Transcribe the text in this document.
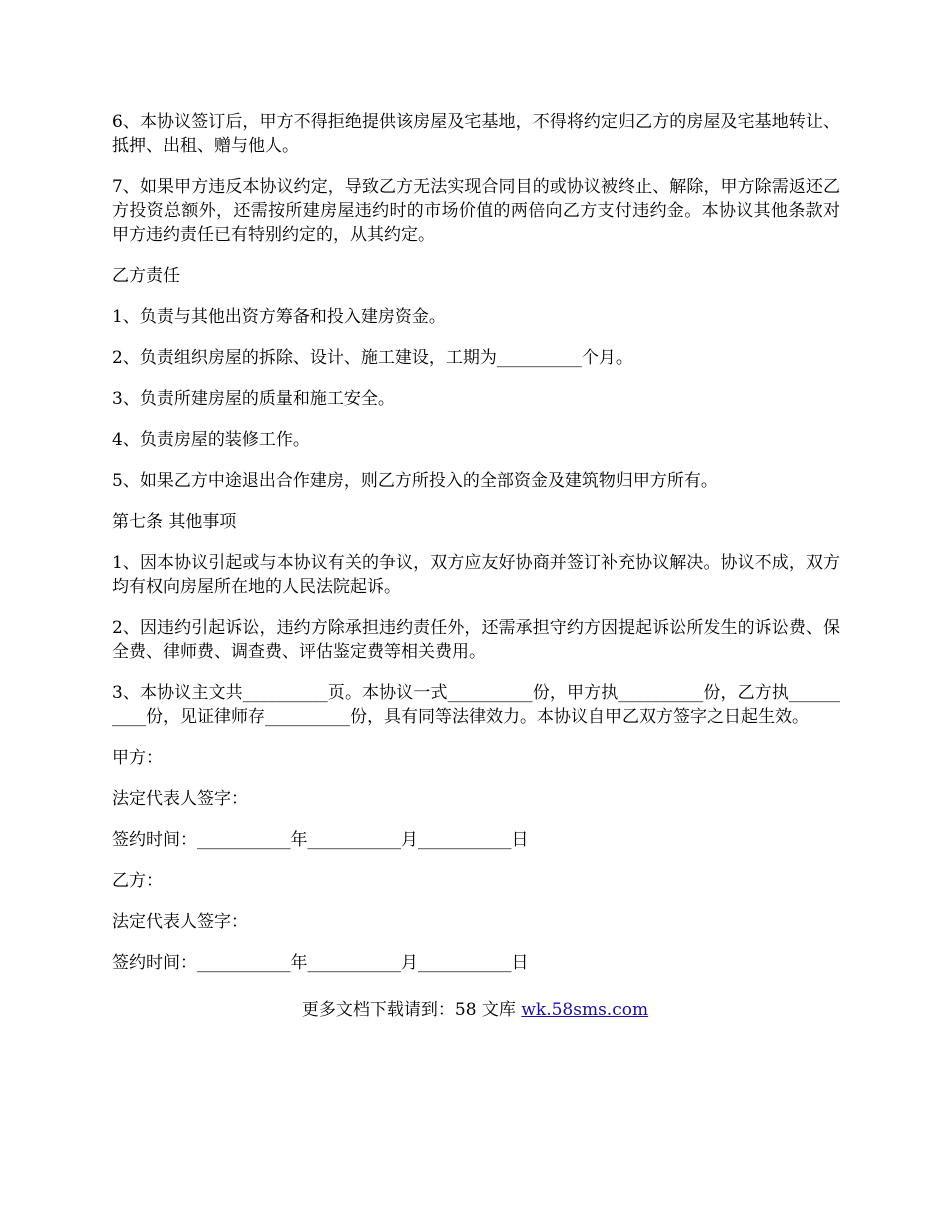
6、本协议签订后，甲方不得拒绝提供该房屋及宅基地，不得将约定归乙方的房屋及宅基地转让、抵押、出租、赠与他人。

7、如果甲方违反本协议约定，导致乙方无法实现合同目的或协议被终止、解除，甲方除需返还乙方投资总额外，还需按所建房屋违约时的市场价值的两倍向乙方支付违约金。本协议其他条款对甲方违约责任已有特别约定的，从其约定。

乙方责任

1、负责与其他出资方筹备和投入建房资金。

2、负责组织房屋的拆除、设计、施工建设，工期为__________个月。

3、负责所建房屋的质量和施工安全。

4、负责房屋的装修工作。

5、如果乙方中途退出合作建房，则乙方所投入的全部资金及建筑物归甲方所有。

第七条 其他事项

1、因本协议引起或与本协议有关的争议，双方应友好协商并签订补充协议解决。协议不成，双方均有权向房屋所在地的人民法院起诉。

2、因违约引起诉讼，违约方除承担违约责任外，还需承担守约方因提起诉讼所发生的诉讼费、保全费、律师费、调查费、评估鉴定费等相关费用。

3、本协议主文共__________页。本协议一式__________份，甲方执__________份，乙方执__________份，见证律师存__________份，具有同等法律效力。本协议自甲乙双方签字之日起生效。

甲方：

法定代表人签字：

签约时间：___________年___________月___________日

乙方：

法定代表人签字：

签约时间：___________年___________月___________日

更多文档下载请到：58 文库 wk.58sms.com
